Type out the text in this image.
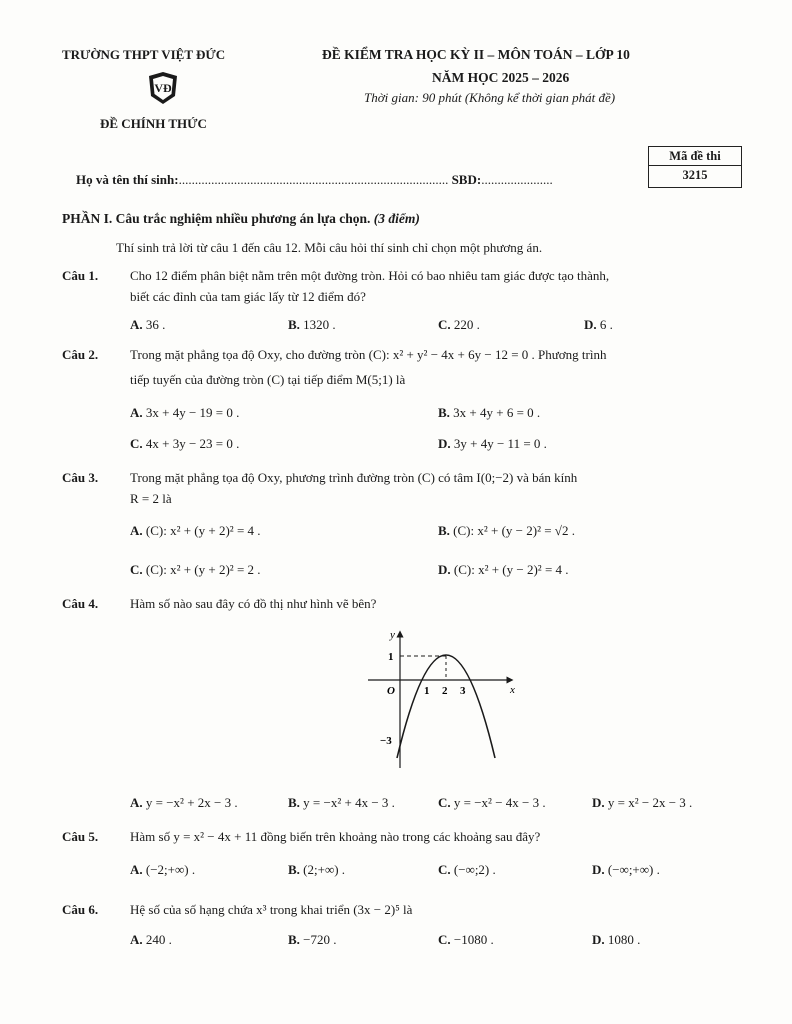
TRƯỜNG THPT VIỆT ĐỨC	ĐỀ KIỂM TRA HỌC KỲ II – MÔN TOÁN – LỚP 10
NĂM HỌC 2025 – 2026
Thời gian: 90 phút (Không kể thời gian phát đề)
VĐ
ĐỀ CHÍNH THỨC
Họ và tên thí sinh:................................................................................... SBD:......................
Mã đề thi
3215
PHẦN I. Câu trắc nghiệm nhiều phương án lựa chọn. (3 điểm)
Thí sinh trả lời từ câu 1 đến câu 12. Mỗi câu hỏi thí sinh chỉ chọn một phương án.
Câu 1. Cho 12 điểm phân biệt nằm trên một đường tròn. Hỏi có bao nhiêu tam giác được tạo thành,
biết các đỉnh của tam giác lấy từ 12 điểm đó?
A. 36 .	B. 1320 .	C. 220 .	D. 6 .
Câu 2. Trong mặt phẳng tọa độ Oxy, cho đường tròn (C): x² + y² − 4x + 6y − 12 = 0 . Phương trình
tiếp tuyến của đường tròn (C) tại tiếp điểm M(5;1) là
A. 3x + 4y − 19 = 0 .	B. 3x + 4y + 6 = 0 .
C. 4x + 3y − 23 = 0 .	D. 3y + 4y − 11 = 0 .
Câu 3. Trong mặt phẳng tọa độ Oxy, phương trình đường tròn (C) có tâm I(0;−2) và bán kính
R = 2 là
A. (C): x² + (y + 2)² = 4 .	B. (C): x² + (y − 2)² = √2 .
C. (C): x² + (y + 2)² = 2 .	D. (C): x² + (y − 2)² = 4 .
Câu 4. Hàm số nào sau đây có đồ thị như hình vẽ bên?
y
x
O
1
−3
1 2 3
A. y = −x² + 2x − 3 .	B. y = −x² + 4x − 3 .	C. y = −x² − 4x − 3 .	D. y = x² − 2x − 3 .
Câu 5. Hàm số y = x² − 4x + 11 đồng biến trên khoảng nào trong các khoảng sau đây?
A. (−2;+∞) .	B. (2;+∞) .	C. (−∞;2) .	D. (−∞;+∞) .
Câu 6. Hệ số của số hạng chứa x³ trong khai triển (3x − 2)⁵ là
A. 240 .	B. −720 .	C. −1080 .	D. 1080 .
